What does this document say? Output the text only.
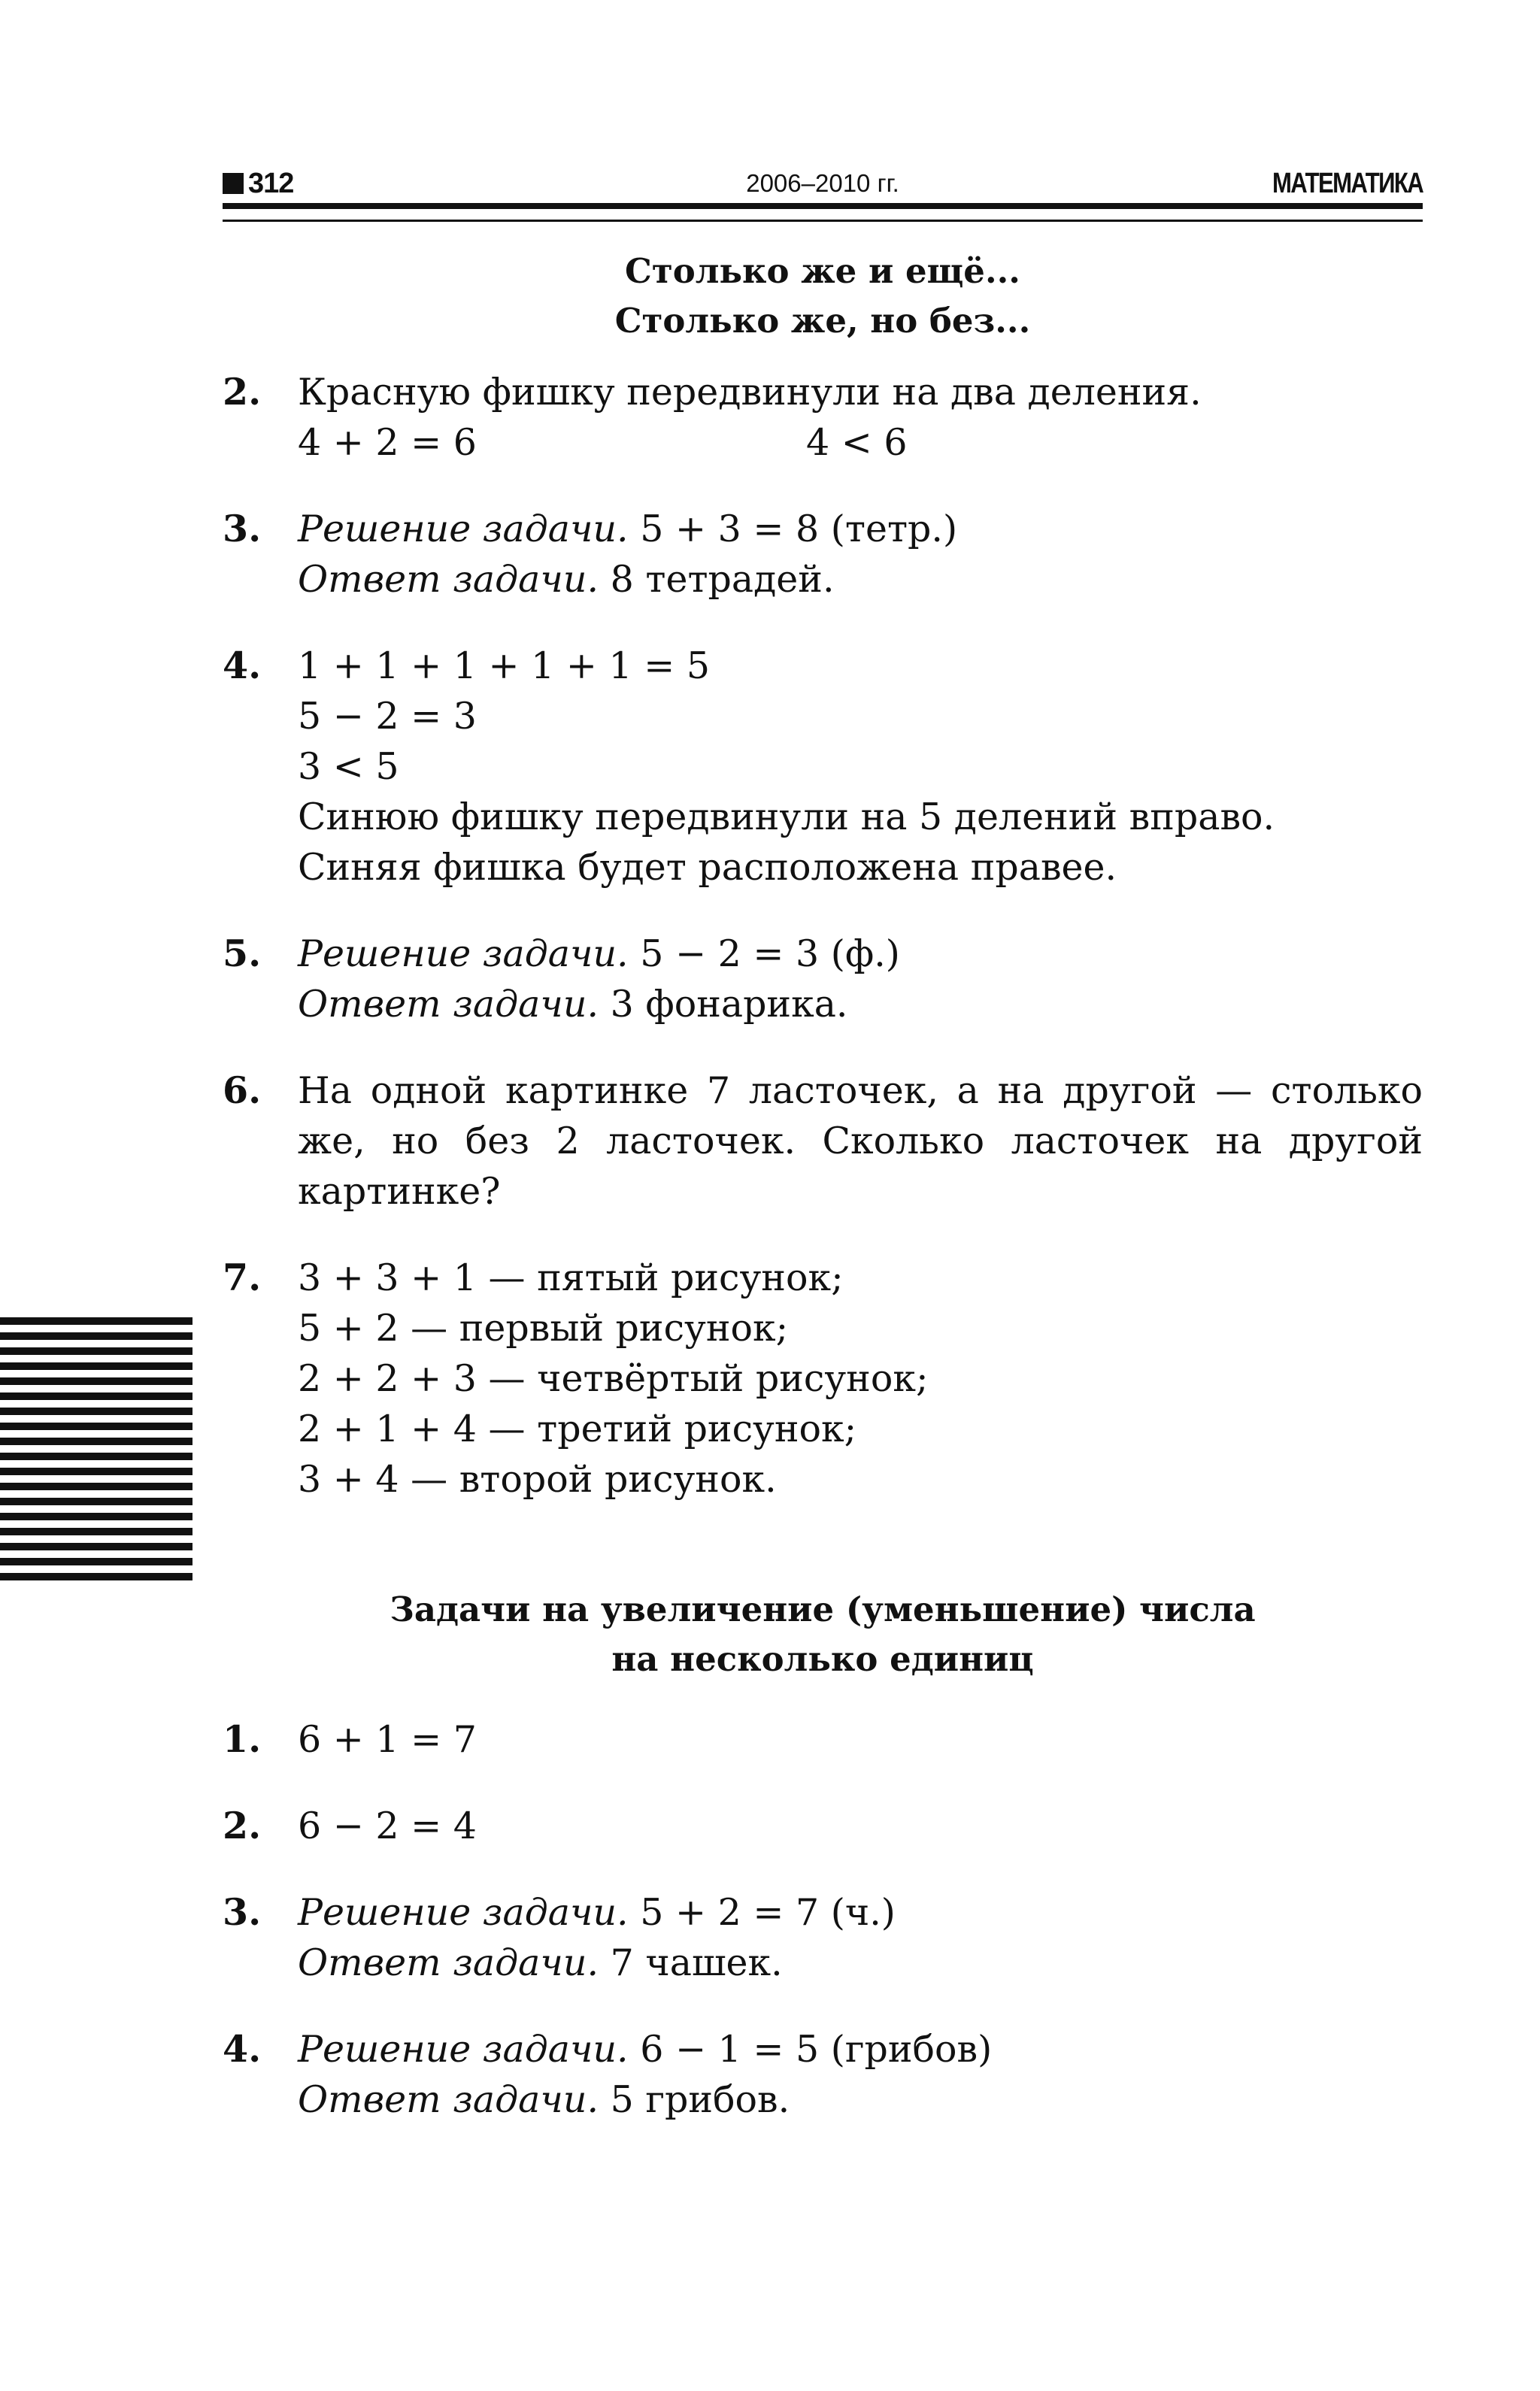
312	2006–2010 гг.	МАТЕМАТИКА
Столько же и ещё...
Столько же, но без...
2. Красную фишку передвинули на два деления.
4 + 2 = 6	4 < 6
3. Решение задачи. 5 + 3 = 8 (тетр.)
Ответ задачи. 8 тетрадей.
4. 1 + 1 + 1 + 1 + 1 = 5
5 − 2 = 3
3 < 5
Синюю фишку передвинули на 5 делений вправо.
Синяя фишка будет расположена правее.
5. Решение задачи. 5 − 2 = 3 (ф.)
Ответ задачи. 3 фонарика.
6. На одной картинке 7 ласточек, а на другой — столько же, но без 2 ласточек. Сколько ласточек на другой картинке?
7. 3 + 3 + 1 — пятый рисунок;
5 + 2 — первый рисунок;
2 + 2 + 3 — четвёртый рисунок;
2 + 1 + 4 — третий рисунок;
3 + 4 — второй рисунок.
Задачи на увеличение (уменьшение) числа
на несколько единиц
1. 6 + 1 = 7
2. 6 − 2 = 4
3. Решение задачи. 5 + 2 = 7 (ч.)
Ответ задачи. 7 чашек.
4. Решение задачи. 6 − 1 = 5 (грибов)
Ответ задачи. 5 грибов.
